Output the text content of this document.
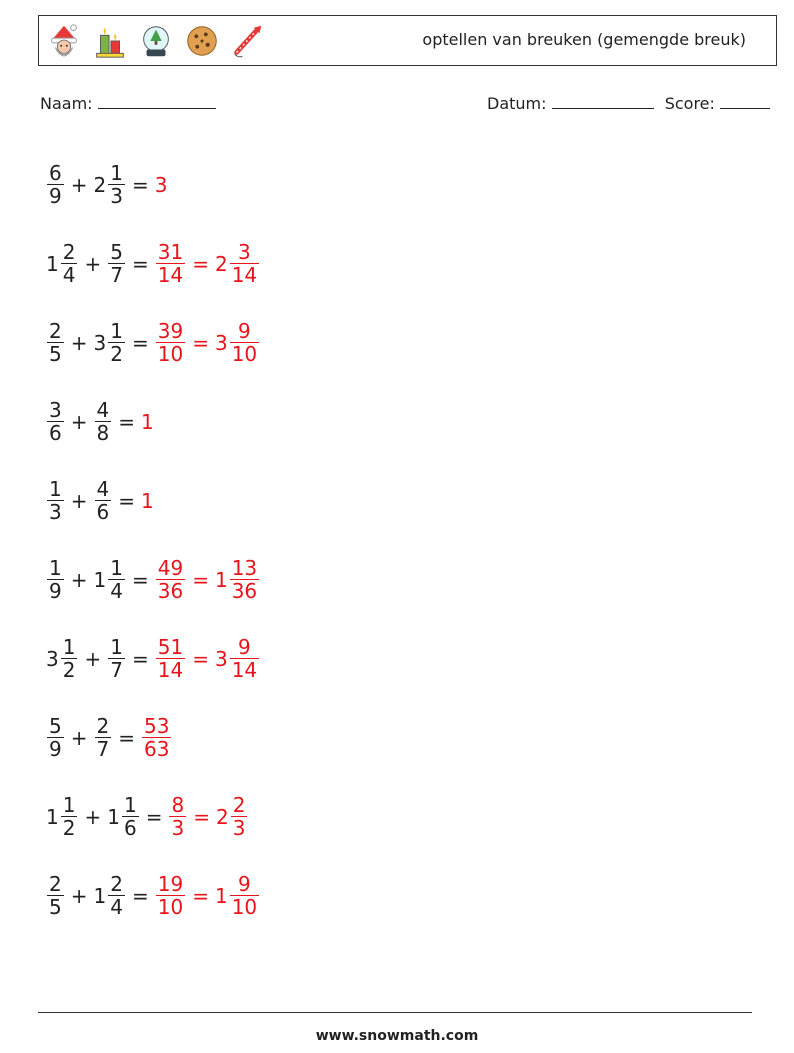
optellen van breuken (gemengde breuk)
Naam:	Datum:	Score:
$\frac{6}{9} + 2 \frac{1}{3} = 3$
$1 \frac{2}{4} + \frac{5}{7} = \frac{31}{14} = 2 \frac{3}{14}$
$\frac{2}{5} + 3 \frac{1}{2} = \frac{39}{10} = 3 \frac{9}{10}$
$\frac{3}{6} + \frac{4}{8} = 1$
$\frac{1}{3} + \frac{4}{6} = 1$
$\frac{1}{9} + 1 \frac{1}{4} = \frac{49}{36} = 1 \frac{13}{36}$
$3 \frac{1}{2} + \frac{1}{7} = \frac{51}{14} = 3 \frac{9}{14}$
$\frac{5}{9} + \frac{2}{7} = \frac{53}{63}$
$1 \frac{1}{2} + 1 \frac{1}{6} = \frac{8}{3} = 2 \frac{2}{3}$
$\frac{2}{5} + 1 \frac{2}{4} = \frac{19}{10} = 1 \frac{9}{10}$
www.snowmath.com
